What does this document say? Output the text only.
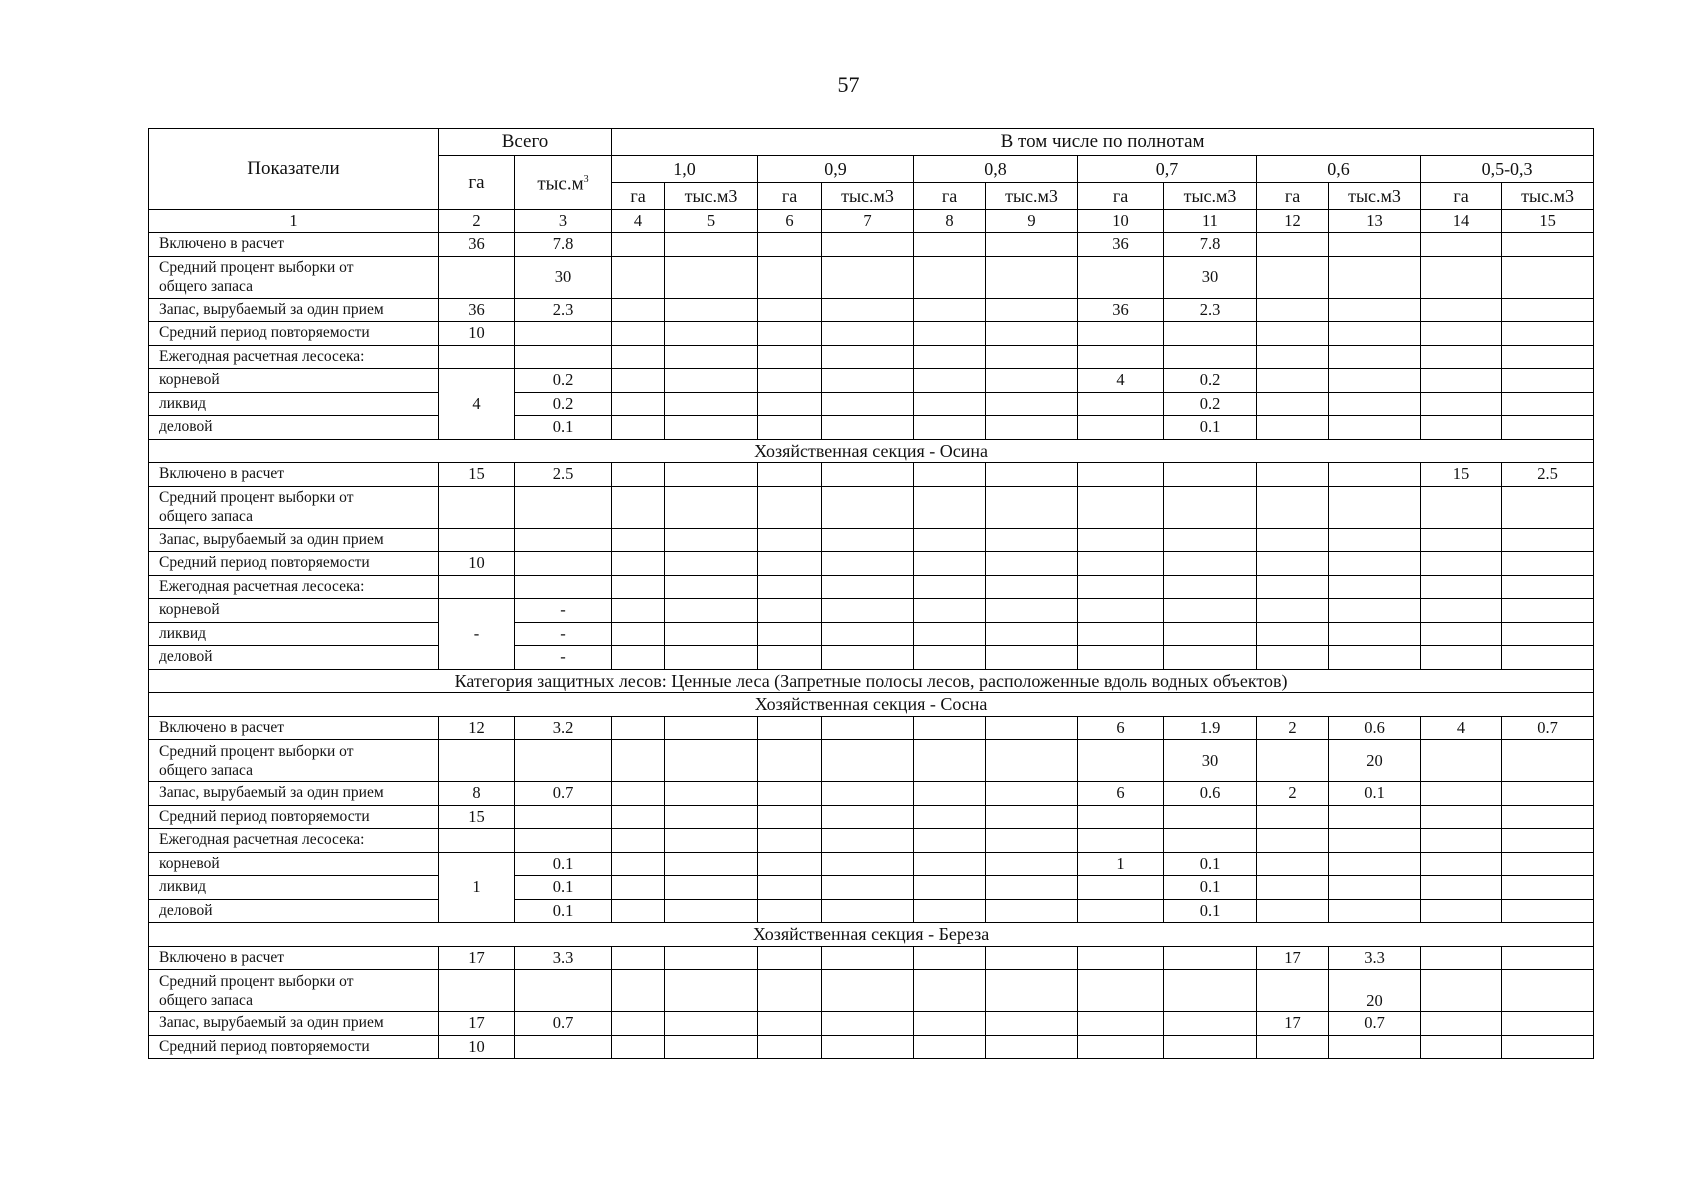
57
Показатели	Всего		В том числе по полнотам											
	га	$тыс.м^3$	1,0		0,9		0,8		0,7		0,6		0,5-0,3	
			га	тыс.м3	га	тыс.м3	га	тыс.м3	га	тыс.м3	га	тыс.м3	га	тыс.м3
1	2	3	4	5	6	7	8	9	10	11	12	13	14	15
Включено в расчет	36	7.8							36	7.8				
Средний процент выборки от
общего запаса		30								30				
Запас, вырубаемый за один прием	36	2.3							36	2.3				
Средний период повторяемости	10													
Ежегодная расчетная лесосека:														
корневой	4	0.2							4	0.2				
ликвид		0.2								0.2				
деловой		0.1								0.1				
Хозяйственная секция - Осина														
Включено в расчет	15	2.5											15	2.5
Средний процент выборки от
общего запаса														
Запас, вырубаемый за один прием														
Средний период повторяемости	10													
Ежегодная расчетная лесосека:														
корневой	-	-												
ликвид		-												
деловой		-												
Категория защитных лесов: Ценные леса (Запретные полосы лесов, расположенные вдоль водных объектов)														
Хозяйственная секция - Сосна														
Включено в расчет	12	3.2							6	1.9	2	0.6	4	0.7
Средний процент выборки от
общего запаса										30		20		
Запас, вырубаемый за один прием	8	0.7							6	0.6	2	0.1		
Средний период повторяемости	15													
Ежегодная расчетная лесосека:														
корневой	1	0.1							1	0.1				
ликвид		0.1								0.1				
деловой		0.1								0.1				
Хозяйственная секция - Береза														
Включено в расчет	17	3.3									17	3.3		
Средний процент выборки от
общего запаса												20		
Запас, вырубаемый за один прием	17	0.7									17	0.7		
Средний период повторяемости	10													
